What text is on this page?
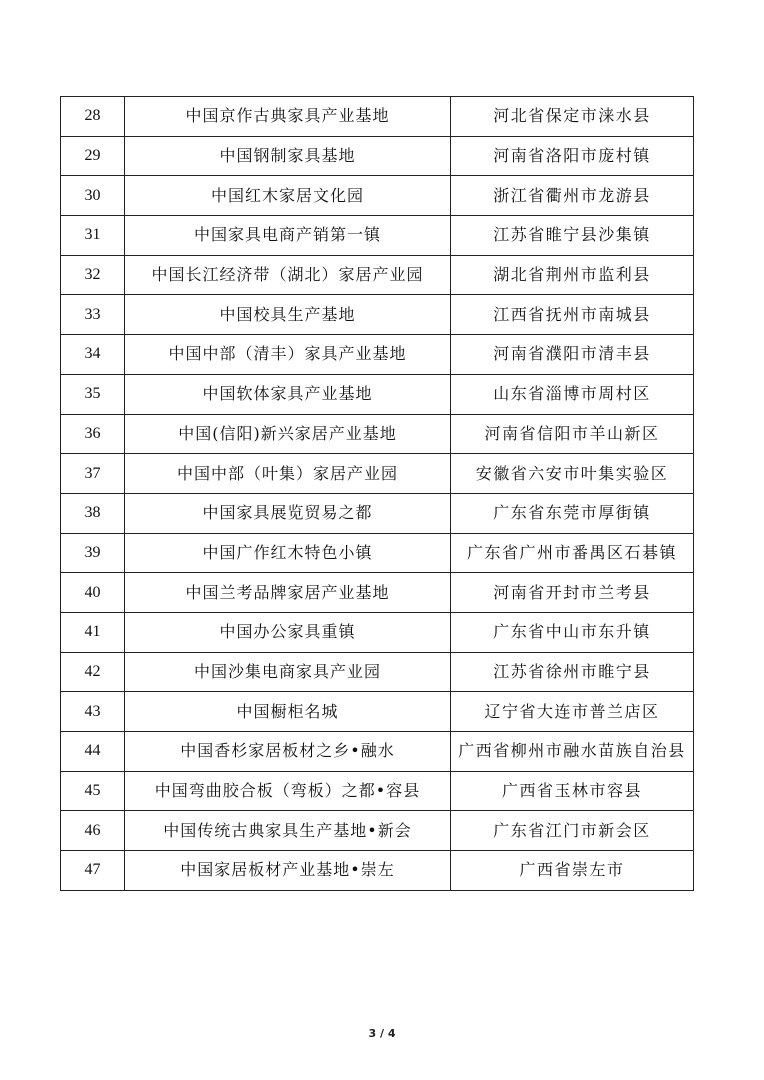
28	中国京作古典家具产业基地	河北省保定市涞水县
29	中国钢制家具基地	河南省洛阳市庞村镇
30	中国红木家居文化园	浙江省衢州市龙游县
31	中国家具电商产销第一镇	江苏省睢宁县沙集镇
32	中国长江经济带（湖北）家居产业园	湖北省荆州市监利县
33	中国校具生产基地	江西省抚州市南城县
34	中国中部（清丰）家具产业基地	河南省濮阳市清丰县
35	中国软体家具产业基地	山东省淄博市周村区
36	中国(信阳)新兴家居产业基地	河南省信阳市羊山新区
37	中国中部（叶集）家居产业园	安徽省六安市叶集实验区
38	中国家具展览贸易之都	广东省东莞市厚街镇
39	中国广作红木特色小镇	广东省广州市番禺区石碁镇
40	中国兰考品牌家居产业基地	河南省开封市兰考县
41	中国办公家具重镇	广东省中山市东升镇
42	中国沙集电商家具产业园	江苏省徐州市睢宁县
43	中国橱柜名城	辽宁省大连市普兰店区
44	中国香杉家居板材之乡•融水	广西省柳州市融水苗族自治县
45	中国弯曲胶合板（弯板）之都•容县	广西省玉林市容县
46	中国传统古典家具生产基地•新会	广东省江门市新会区
47	中国家居板材产业基地•崇左	广西省崇左市
3 / 4
